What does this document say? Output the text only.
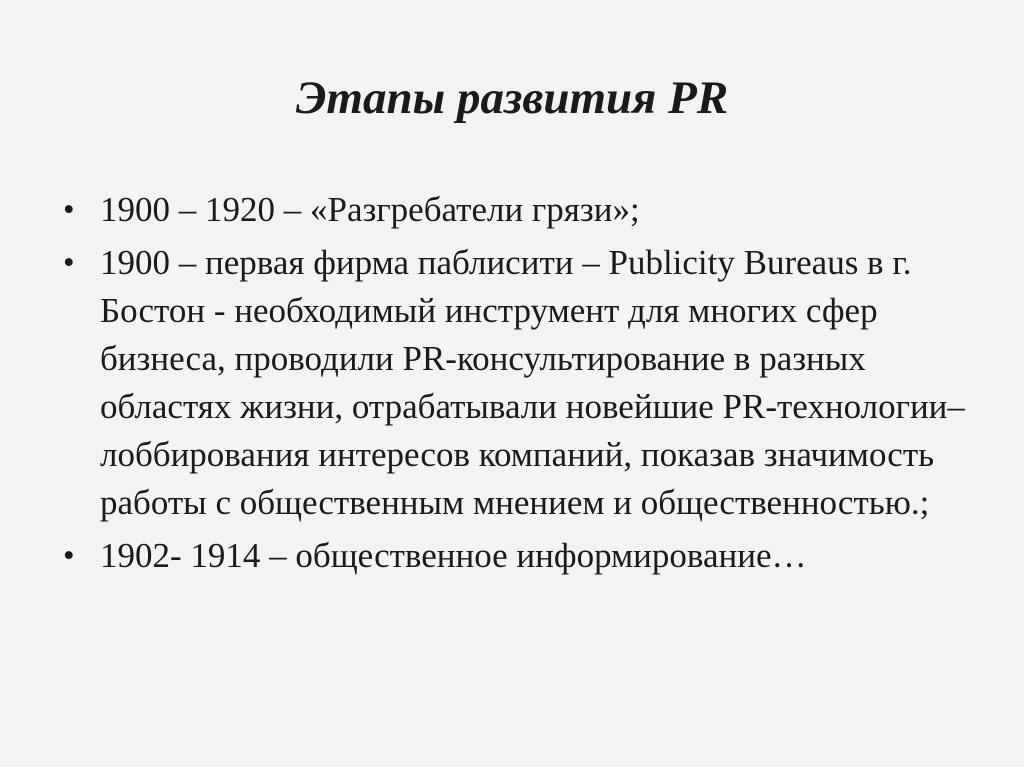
Этапы развития PR
• 1900 – 1920 – «Разгребатели грязи»;
• 1900 – первая фирма паблисити – Publicity Bureaus в г. Бостон - необходимый инструмент для многих сфер бизнеса, проводили PR-консультирование в разных областях жизни, отрабатывали новейшие PR-технологии– лоббирования интересов компаний, показав значимость работы с общественным мнением и общественностью.;
• 1902- 1914 – общественное информирование…
